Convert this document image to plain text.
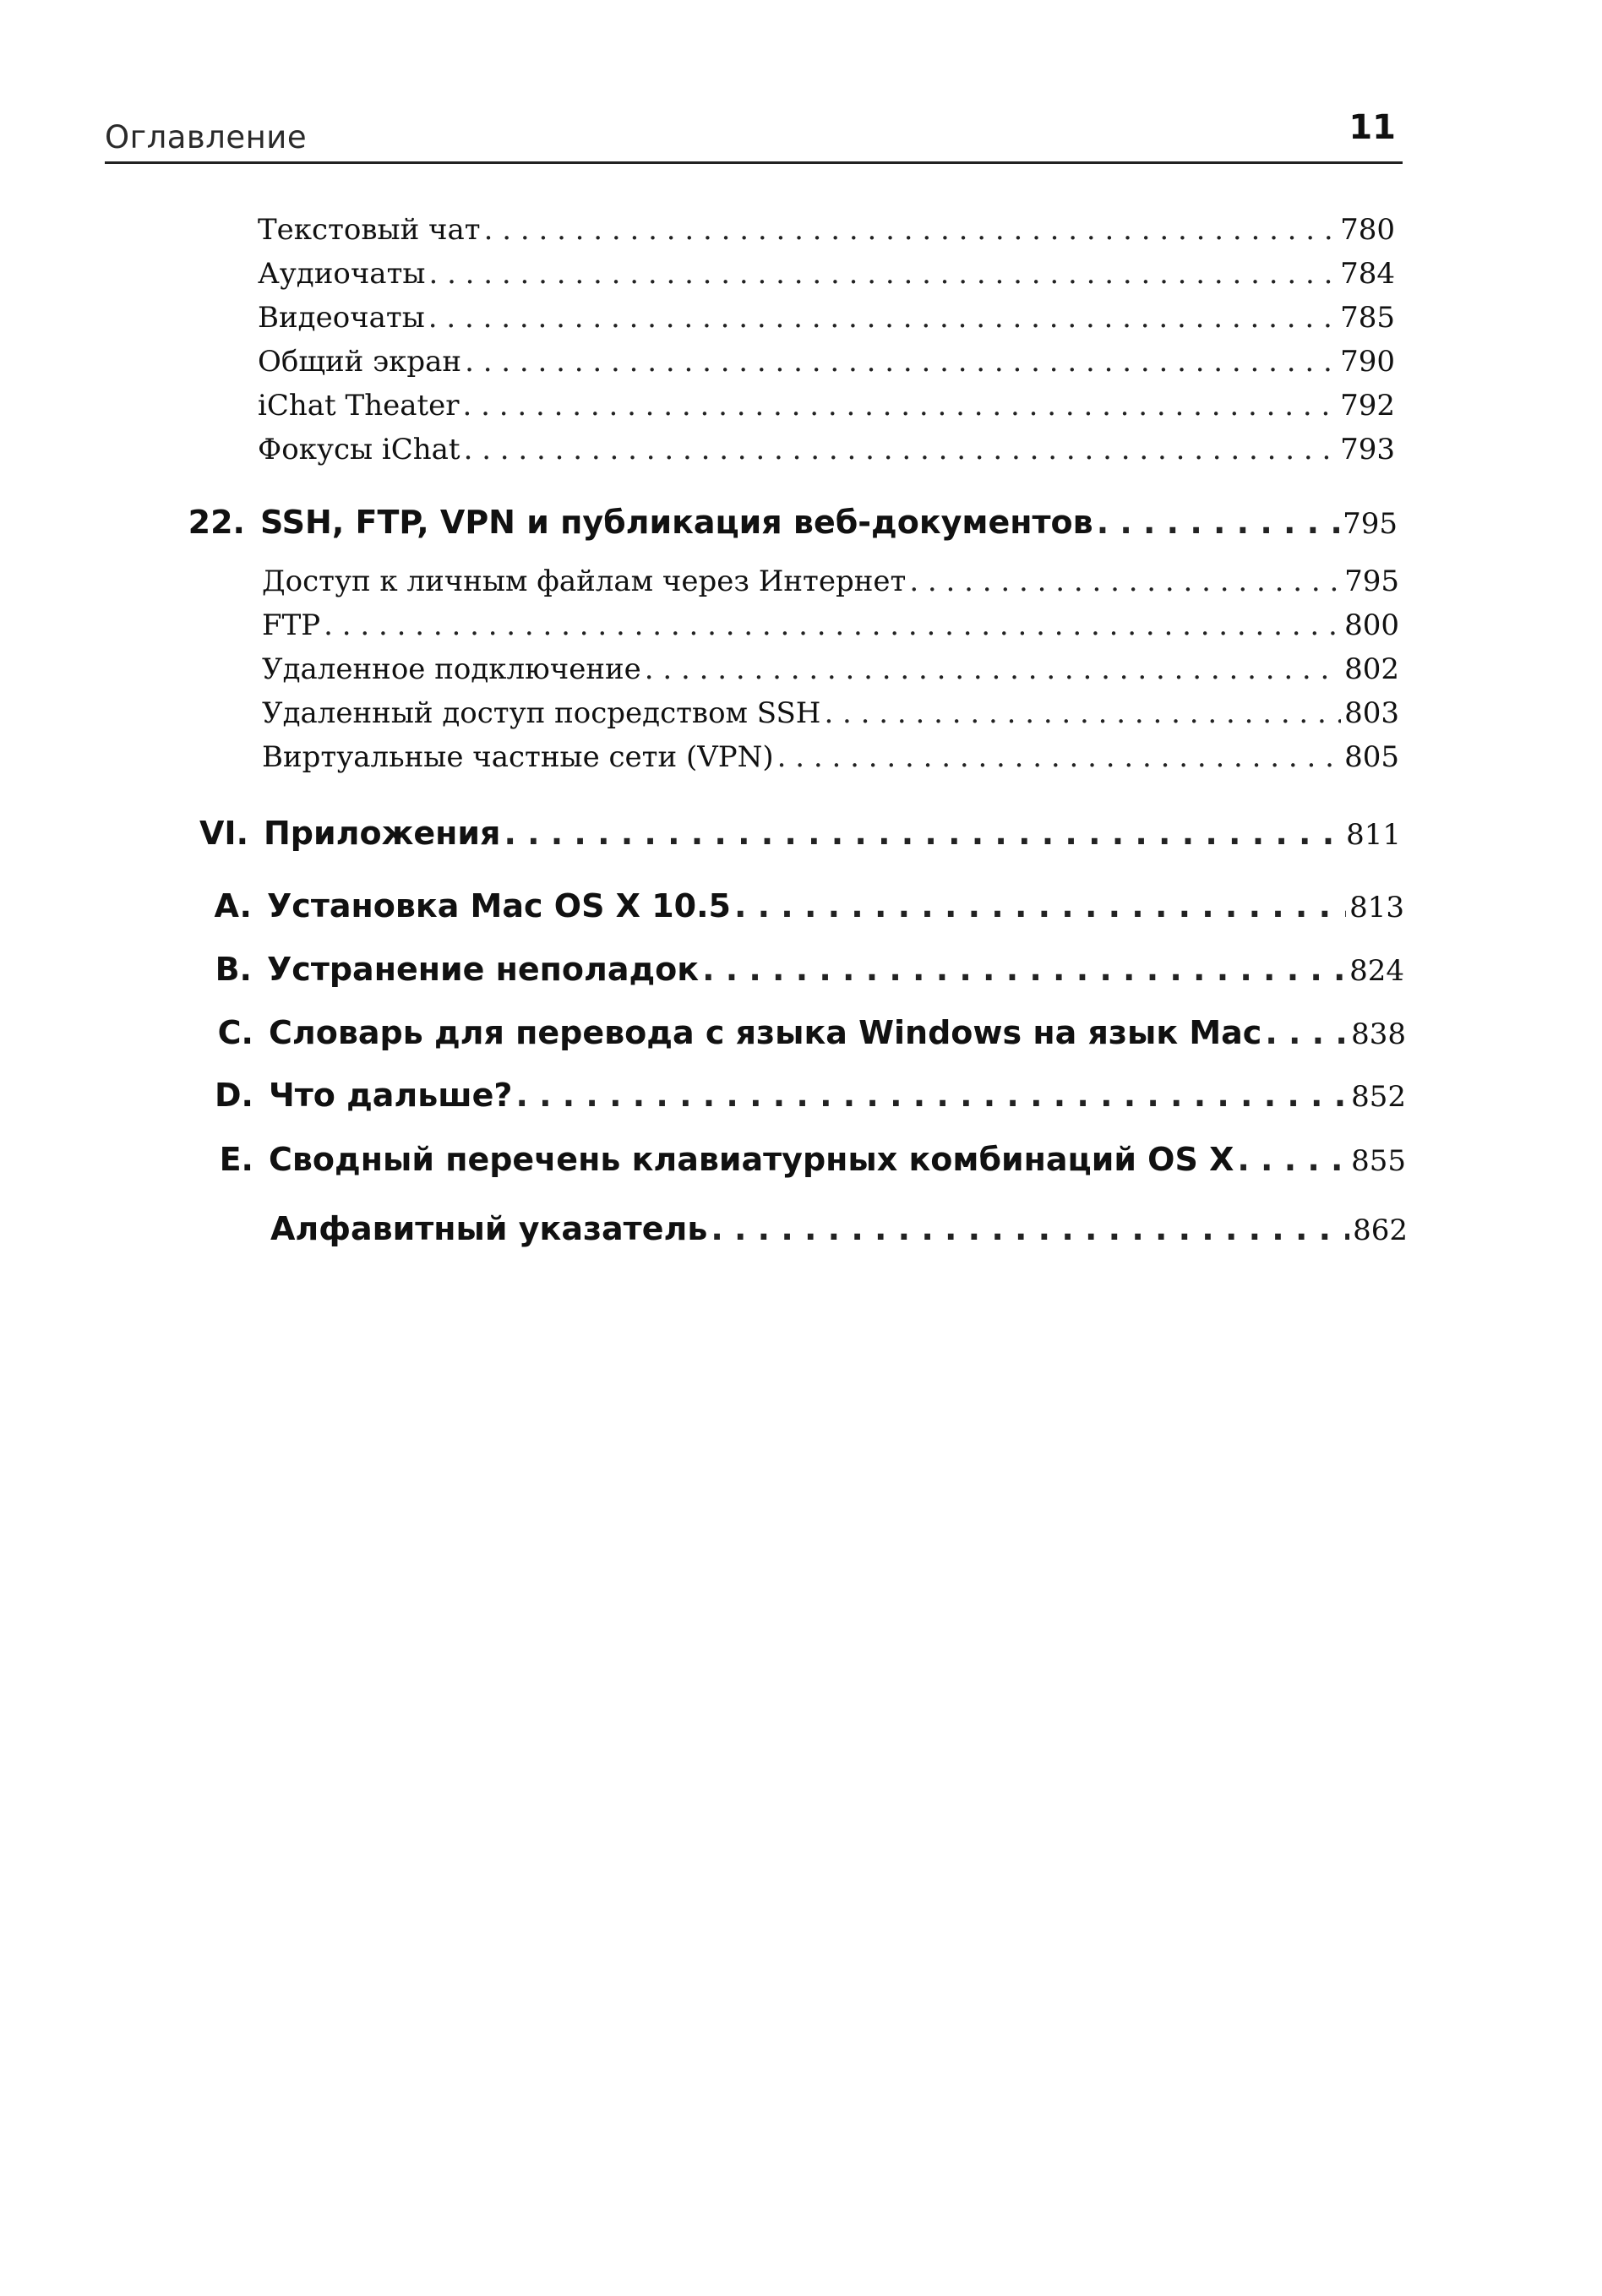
Оглавление	11
Текстовый чат . . .	780
Аудиочаты . . .	784
Видеочаты . . .	785
Общий экран . . .	790
iChat Theater . . .	792
Фокусы iChat . . .	793
22. SSH, FTP, VPN и публикация веб-документов . . .	795
Доступ к личным файлам через Интернет . . .	795
FTP . . .	800
Удаленное подключение . . .	802
Удаленный доступ посредством SSH . . .	803
Виртуальные частные сети (VPN) . . .	805
VI. Приложения . . .	811
A. Установка Mac OS X 10.5 . . .	813
B. Устранение неполадок . . .	824
C. Словарь для перевода с языка Windows на язык Mac . . .	838
D. Что дальше? . . .	852
E. Сводный перечень клавиатурных комбинаций OS X . . .	855
Алфавитный указатель . . .	862
